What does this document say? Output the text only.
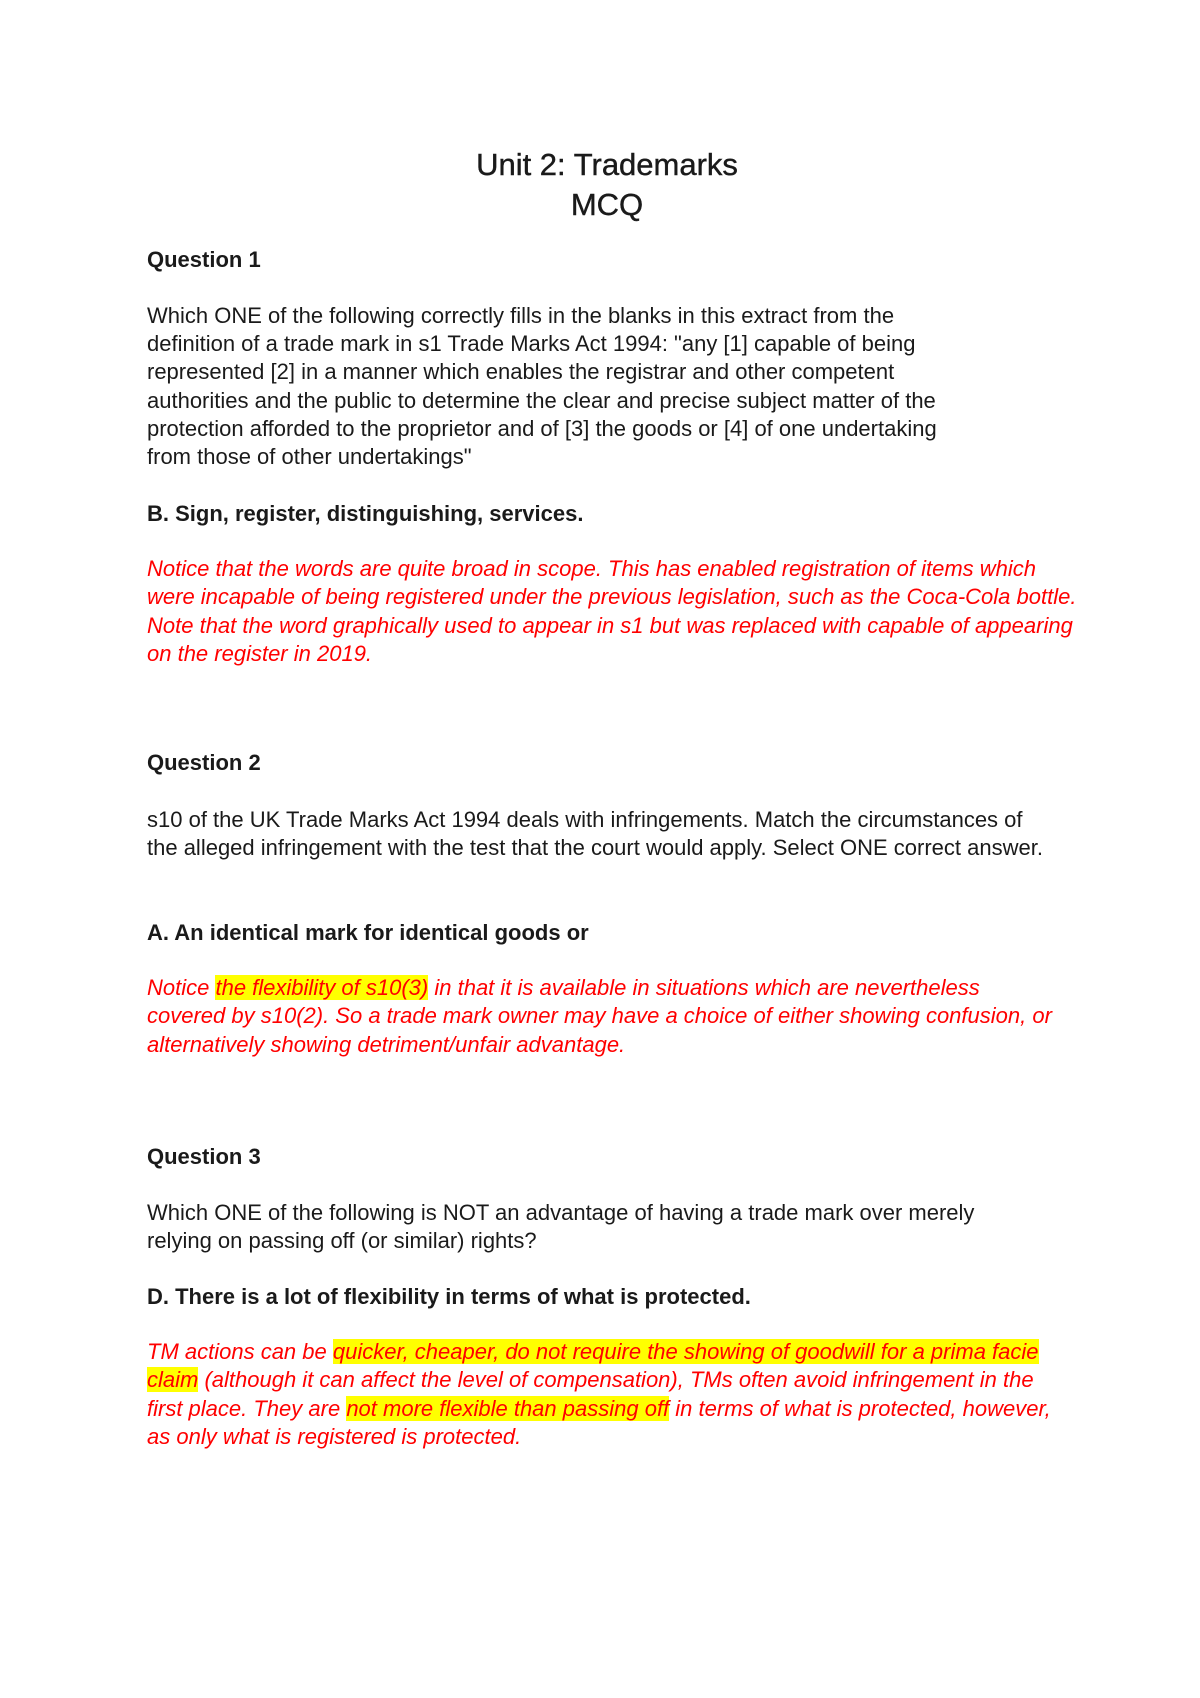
Unit 2: Trademarks
MCQ

Question 1

Which ONE of the following correctly fills in the blanks in this extract from the definition of a trade mark in s1 Trade Marks Act 1994: "any [1] capable of being represented [2] in a manner which enables the registrar and other competent authorities and the public to determine the clear and precise subject matter of the protection afforded to the proprietor and of [3] the goods or [4] of one undertaking from those of other undertakings"

B. Sign, register, distinguishing, services.

Notice that the words are quite broad in scope. This has enabled registration of items which were incapable of being registered under the previous legislation, such as the Coca-Cola bottle. Note that the word graphically used to appear in s1 but was replaced with capable of appearing on the register in 2019.

Question 2

s10 of the UK Trade Marks Act 1994 deals with infringements. Match the circumstances of the alleged infringement with the test that the court would apply. Select ONE correct answer.

A. An identical mark for identical goods or

Notice the flexibility of s10(3) in that it is available in situations which are nevertheless covered by s10(2). So a trade mark owner may have a choice of either showing confusion, or alternatively showing detriment/unfair advantage.

Question 3

Which ONE of the following is NOT an advantage of having a trade mark over merely relying on passing off (or similar) rights?

D. There is a lot of flexibility in terms of what is protected.

TM actions can be quicker, cheaper, do not require the showing of goodwill for a prima facie claim (although it can affect the level of compensation), TMs often avoid infringement in the first place. They are not more flexible than passing off in terms of what is protected, however, as only what is registered is protected.
